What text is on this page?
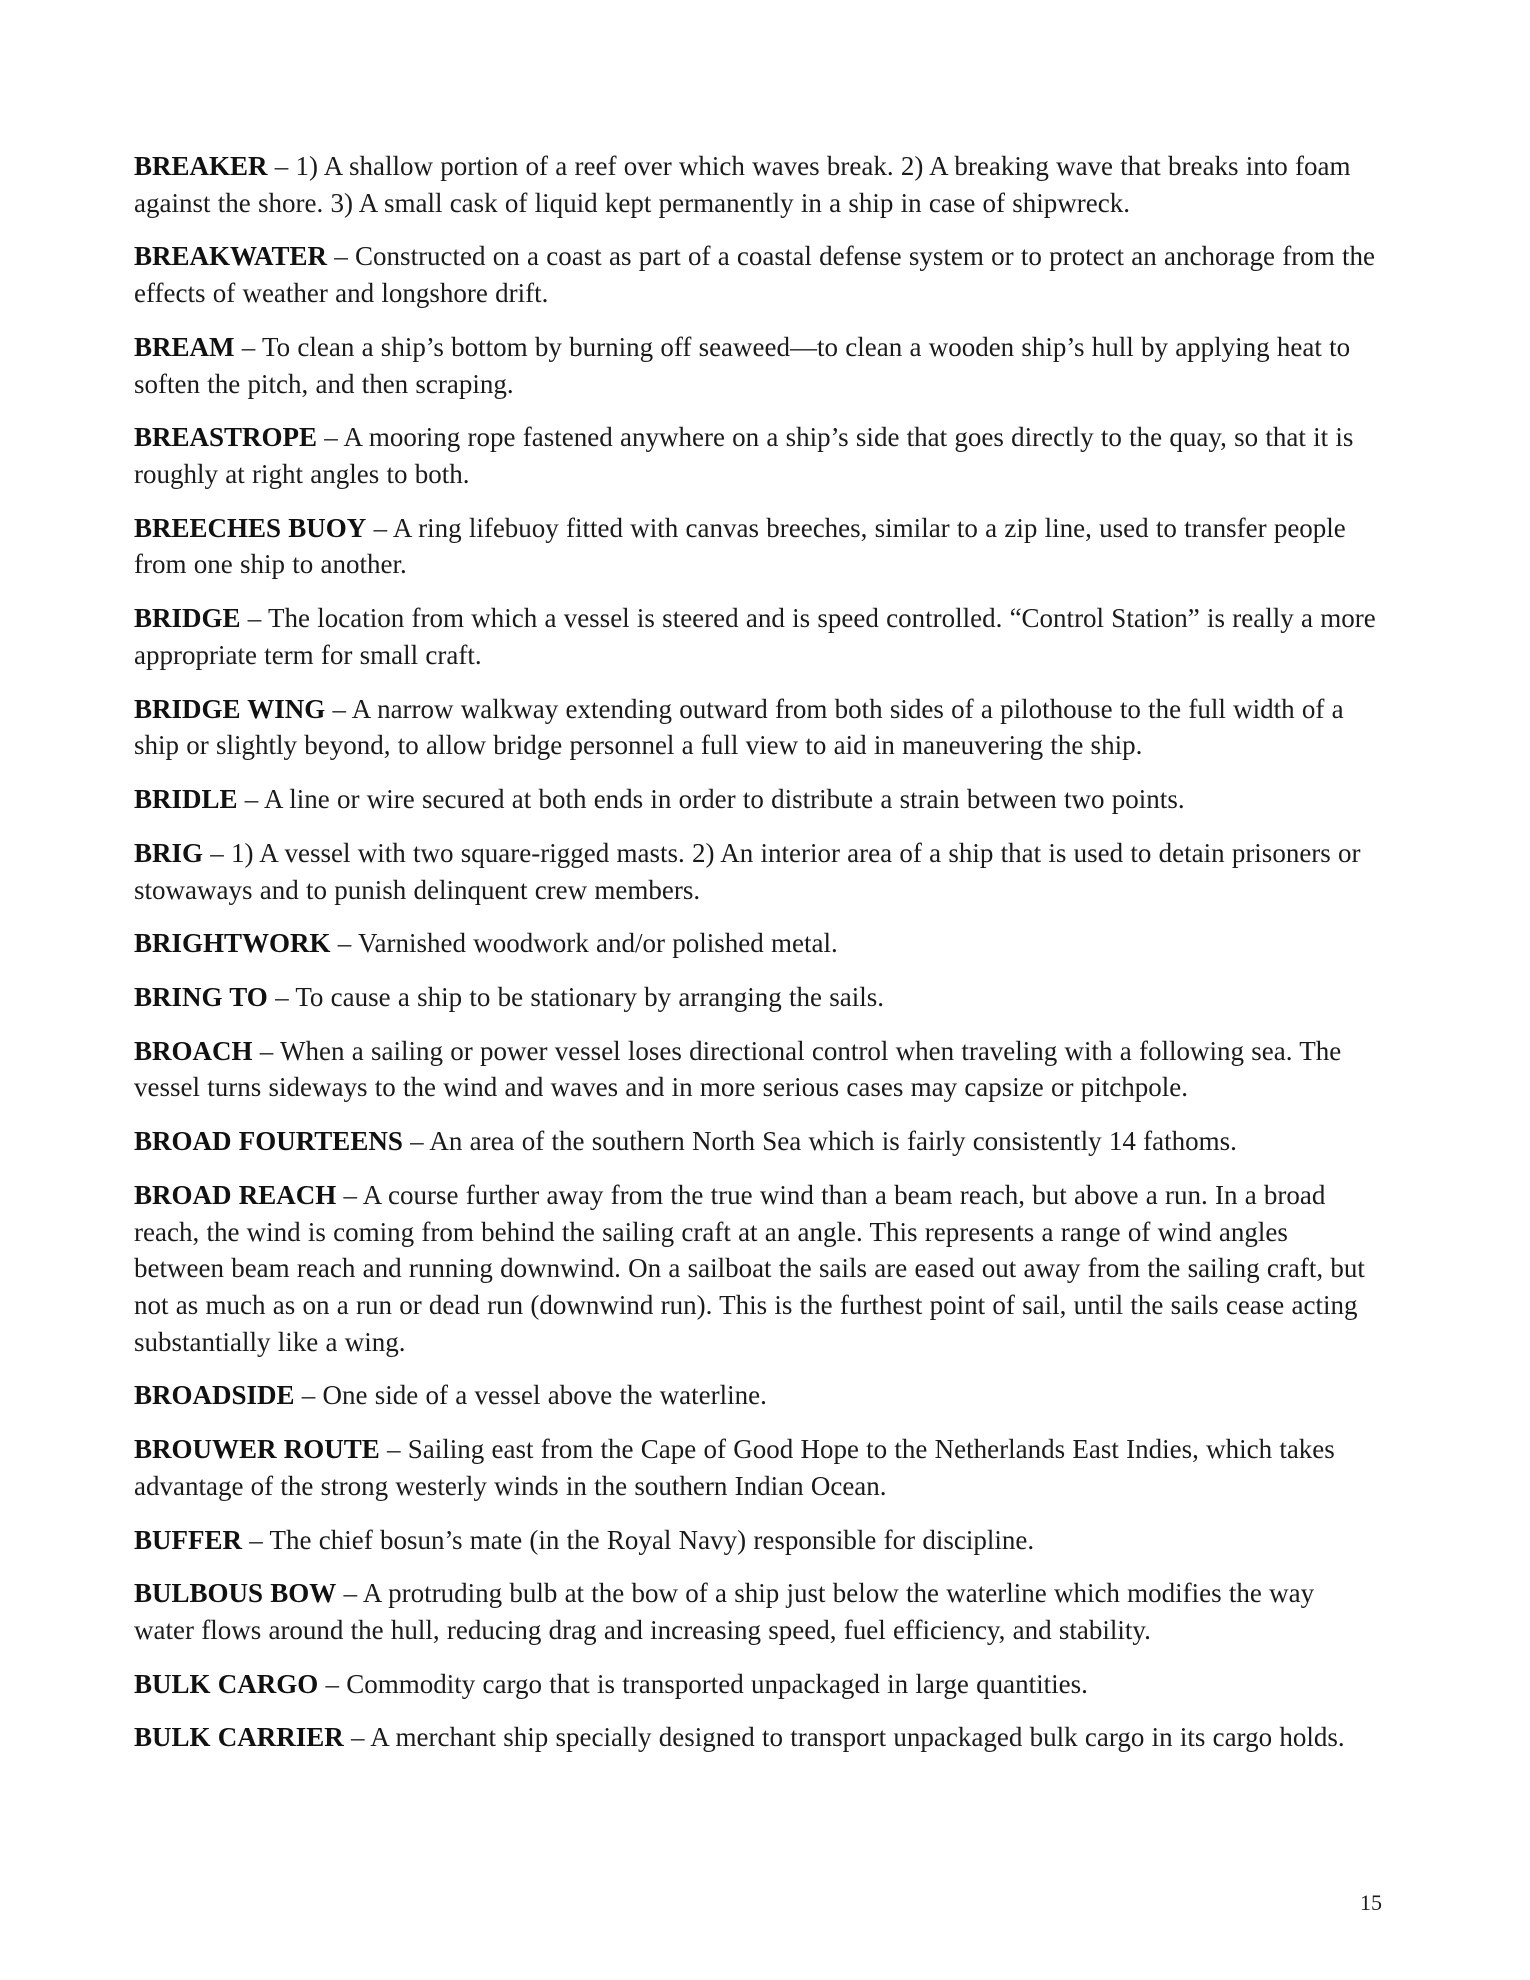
BREAKER – 1) A shallow portion of a reef over which waves break. 2) A breaking wave that breaks into foam against the shore. 3) A small cask of liquid kept permanently in a ship in case of shipwreck.

BREAKWATER – Constructed on a coast as part of a coastal defense system or to protect an anchorage from the effects of weather and longshore drift.

BREAM – To clean a ship’s bottom by burning off seaweed—to clean a wooden ship’s hull by applying heat to soften the pitch, and then scraping.

BREASTROPE – A mooring rope fastened anywhere on a ship’s side that goes directly to the quay, so that it is roughly at right angles to both.

BREECHES BUOY – A ring lifebuoy fitted with canvas breeches, similar to a zip line, used to transfer people from one ship to another.

BRIDGE – The location from which a vessel is steered and is speed controlled. “Control Station” is really a more appropriate term for small craft.

BRIDGE WING – A narrow walkway extending outward from both sides of a pilothouse to the full width of a ship or slightly beyond, to allow bridge personnel a full view to aid in maneuvering the ship.

BRIDLE – A line or wire secured at both ends in order to distribute a strain between two points.

BRIG – 1) A vessel with two square-rigged masts. 2) An interior area of a ship that is used to detain prisoners or stowaways and to punish delinquent crew members.

BRIGHTWORK – Varnished woodwork and/or polished metal.

BRING TO – To cause a ship to be stationary by arranging the sails.

BROACH – When a sailing or power vessel loses directional control when traveling with a following sea. The vessel turns sideways to the wind and waves and in more serious cases may capsize or pitchpole.

BROAD FOURTEENS – An area of the southern North Sea which is fairly consistently 14 fathoms.

BROAD REACH – A course further away from the true wind than a beam reach, but above a run. In a broad reach, the wind is coming from behind the sailing craft at an angle. This represents a range of wind angles between beam reach and running downwind. On a sailboat the sails are eased out away from the sailing craft, but not as much as on a run or dead run (downwind run). This is the furthest point of sail, until the sails cease acting substantially like a wing.

BROADSIDE – One side of a vessel above the waterline.

BROUWER ROUTE – Sailing east from the Cape of Good Hope to the Netherlands East Indies, which takes advantage of the strong westerly winds in the southern Indian Ocean.

BUFFER – The chief bosun’s mate (in the Royal Navy) responsible for discipline.

BULBOUS BOW – A protruding bulb at the bow of a ship just below the waterline which modifies the way water flows around the hull, reducing drag and increasing speed, fuel efficiency, and stability.

BULK CARGO – Commodity cargo that is transported unpackaged in large quantities.

BULK CARRIER – A merchant ship specially designed to transport unpackaged bulk cargo in its cargo holds.

15
